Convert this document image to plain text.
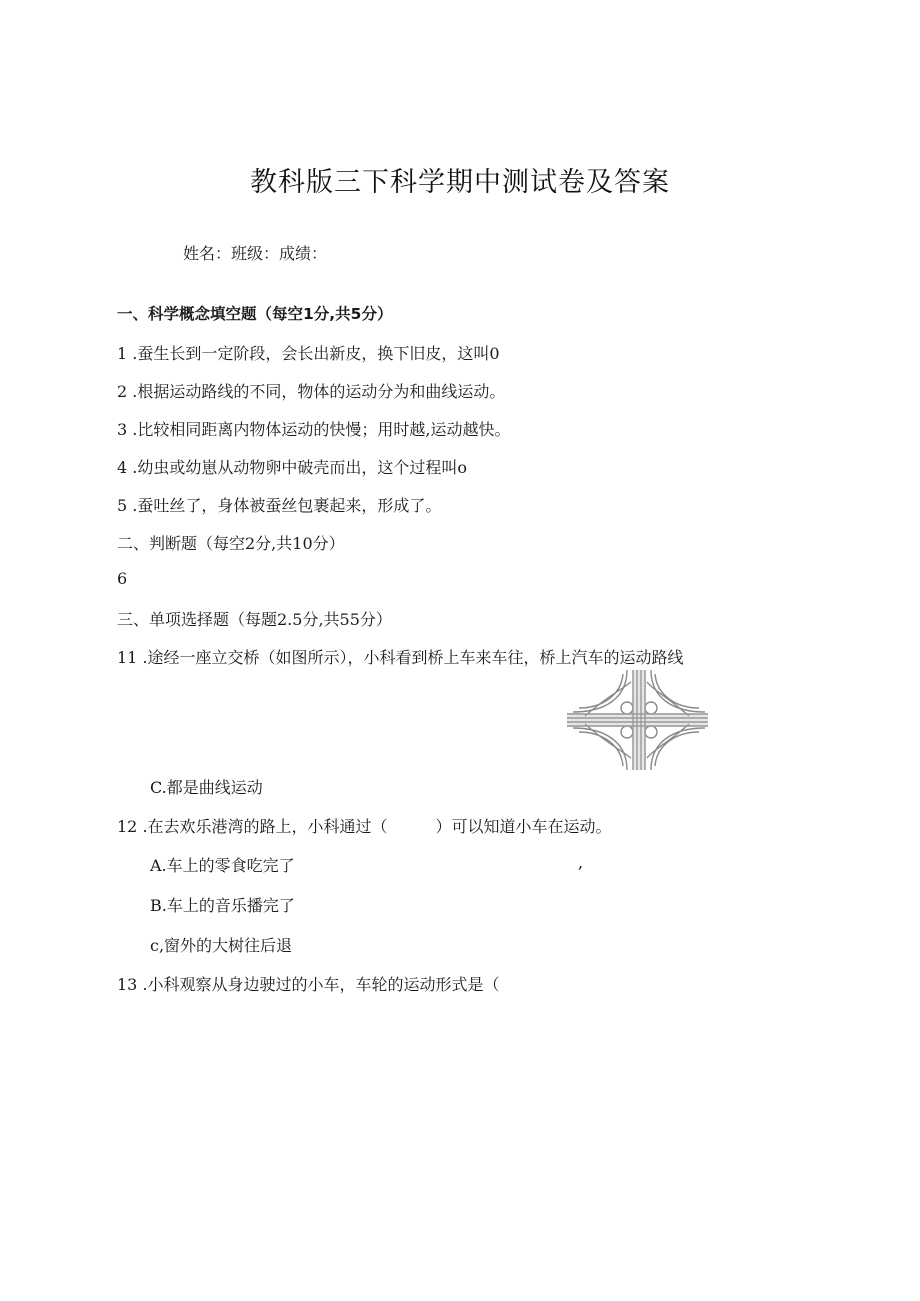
教科版三下科学期中测试卷及答案
姓名：班级：成绩：
一、科学概念填空题（每空1分,共5分）
1 .蚕生长到一定阶段，会长出新皮，换下旧皮，这叫0
2 .根据运动路线的不同，物体的运动分为和曲线运动。
3 .比较相同距离内物体运动的快慢；用时越,运动越快。
4 .幼虫或幼崽从动物卵中破壳而出，这个过程叫o
5 .蚕吐丝了，身体被蚕丝包裹起来，形成了。
二、判断题（每空2分,共10分）
6
三、单项选择题（每题2.5分,共55分）
11 .途经一座立交桥（如图所示），小科看到桥上车来车往，桥上汽车的运动路线
C.都是曲线运动
12 .在去欢乐港湾的路上，小科通过（　　　）可以知道小车在运动。
A.车上的零食吃完了	,
B.车上的音乐播完了
c,窗外的大树往后退
13 .小科观察从身边驶过的小车，车轮的运动形式是（
